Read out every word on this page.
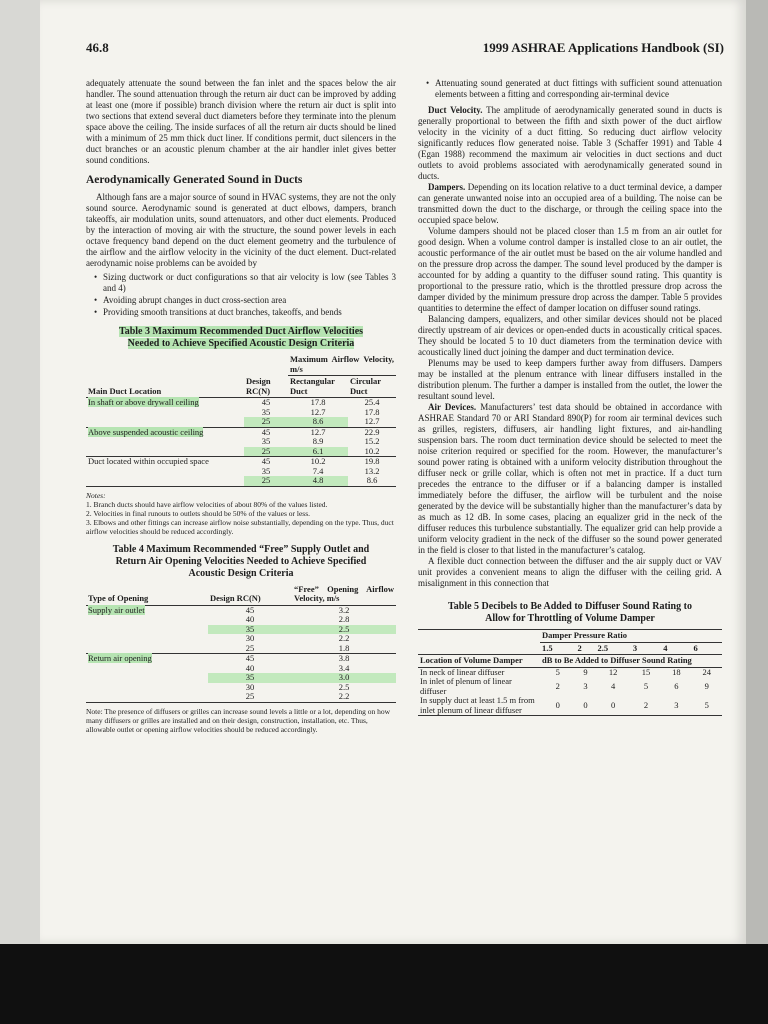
46.8	1999 ASHRAE Applications Handbook (SI)

adequately attenuate the sound between the fan inlet and the spaces below the air handler. The sound attenuation through the return air duct can be improved by adding at least one (more if possible) branch division where the return air duct is split into two sections that extend several duct diameters before they terminate into the plenum space above the ceiling. The inside surfaces of all the return air ducts should be lined with a minimum of 25 mm thick duct liner. If conditions permit, duct silencers in the duct branches or an acoustic plenum chamber at the air handler inlet gives better sound conditions.

Aerodynamically Generated Sound in Ducts

Although fans are a major source of sound in HVAC systems, they are not the only sound source. Aerodynamic sound is generated at duct elbows, dampers, branch takeoffs, air modulation units, sound attenuators, and other duct elements. Produced by the interaction of moving air with the structure, the sound power levels in each octave frequency band depend on the duct element geometry and the turbulence of the airflow and the airflow velocity in the vicinity of the duct element. Duct-related aerodynamic noise problems can be avoided by

• Sizing ductwork or duct configurations so that air velocity is low (see Tables 3 and 4)
• Avoiding abrupt changes in duct cross-section area
• Providing smooth transitions at duct branches, takeoffs, and bends
Table 3 Maximum Recommended Duct Airflow Velocities
Needed to Achieve Specified Acoustic Design Criteria
		Maximum Airflow Velocity, m/s	
Main Duct Location	Design RC(N)	Rectangular Duct	Circular Duct
In shaft or above drywall ceiling	45	17.8	25.4
	35	12.7	17.8
	25	8.6	12.7
Above suspended acoustic ceiling	45	12.7	22.9
	35	8.9	15.2
	25	6.1	10.2
Duct located within occupied space	45	10.2	19.8
	35	7.4	13.2
	25	4.8	8.6
Notes:
1. Branch ducts should have airflow velocities of about 80% of the values listed.
2. Velocities in final runouts to outlets should be 50% of the values or less.
3. Elbows and other fittings can increase airflow noise substantially, depending on the type. Thus, duct airflow velocities should be reduced accordingly.
Table 4 Maximum Recommended “Free” Supply Outlet and
Return Air Opening Velocities Needed to Achieve Specified
Acoustic Design Criteria
Type of Opening	Design RC(N)	“Free” Opening Airflow Velocity, m/s
Supply air outlet	45	3.2
	40	2.8
	35	2.5
	30	2.2
	25	1.8
Return air opening	45	3.8
	40	3.4
	35	3.0
	30	2.5
	25	2.2
Note: The presence of diffusers or grilles can increase sound levels a little or a lot, depending on how many diffusers or grilles are installed and on their design, construction, installation, etc. Thus, allowable outlet or opening airflow velocities should be reduced accordingly.
• Attenuating sound generated at duct fittings with sufficient sound attenuation elements between a fitting and corresponding air-terminal device

Duct Velocity. The amplitude of aerodynamically generated sound in ducts is generally proportional to between the fifth and sixth power of the duct airflow velocity in the vicinity of a duct fitting. So reducing duct airflow velocity significantly reduces flow generated noise. Table 3 (Schaffer 1991) and Table 4 (Egan 1988) recommend the maximum air velocities in duct sections and duct outlets to avoid problems associated with aerodynamically generated sound in ducts.

Dampers. Depending on its location relative to a duct terminal device, a damper can generate unwanted noise into an occupied area of a building. The noise can be transmitted down the duct to the discharge, or through the ceiling space into the occupied space below.

Volume dampers should not be placed closer than 1.5 m from an air outlet for good design. When a volume control damper is installed close to an air outlet, the acoustic performance of the air outlet must be based on the air volume handled and on the pressure drop across the damper. The sound level produced by the damper is accounted for by adding a quantity to the diffuser sound rating. This quantity is proportional to the pressure ratio, which is the throttled pressure drop across the damper divided by the minimum pressure drop across the damper. Table 5 provides quantities to determine the effect of damper location on diffuser sound ratings.

Balancing dampers, equalizers, and other similar devices should not be placed directly upstream of air devices or open-ended ducts in acoustically critical spaces. They should be located 5 to 10 duct diameters from the termination device with acoustically lined duct joining the damper and duct termination device.

Plenums may be used to keep dampers further away from diffusers. Dampers may be installed at the plenum entrance with linear diffusers installed in the distribution plenum. The further a damper is installed from the outlet, the lower the resultant sound level.

Air Devices. Manufacturers’ test data should be obtained in accordance with ASHRAE Standard 70 or ARI Standard 890(P) for room air terminal devices such as grilles, registers, diffusers, air handling light fixtures, and air-handling suspension bars. The room duct termination device should be selected to meet the noise criterion required or specified for the room. However, the manufacturer’s sound power rating is obtained with a uniform velocity distribution throughout the diffuser neck or grille collar, which is often not met in practice. If a duct turn precedes the entrance to the diffuser or if a balancing damper is installed immediately before the diffuser, the airflow will be turbulent and the noise generated by the device will be substantially higher than the manufacturer’s data by as much as 12 dB. In some cases, placing an equalizer grid in the neck of the diffuser reduces this turbulence substantially. The equalizer grid can help provide a uniform velocity gradient in the neck of the diffuser so the sound power generated in the field is closer to that listed in the manufacturer’s catalog.

A flexible duct connection between the diffuser and the air supply duct or VAV unit provides a convenient means to align the diffuser with the ceiling grid. A misalignment in this connection that

Table 5 Decibels to Be Added to Diffuser Sound Rating to
Allow for Throttling of Volume Damper
	Damper Pressure Ratio					
	1.5	2	2.5	3	4	6
Location of Volume Damper	dB to Be Added to Diffuser Sound Rating					
In neck of linear diffuser	5	9	12	15	18	24
In inlet of plenum of linear diffuser	2	3	4	5	6	9
In supply duct at least 1.5 m from inlet plenum of linear diffuser	0	0	0	2	3	5
